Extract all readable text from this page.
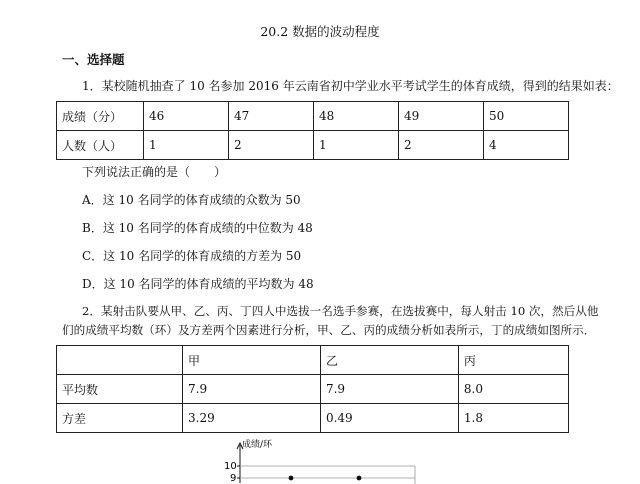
20.2 数据的波动程度
一、选择题
1．某校随机抽查了 10 名参加 2016 年云南省初中学业水平考试学生的体育成绩，得到的结果如表：
成绩（分）	46	47	48	49	50
人数（人）	1	2	1	2	4
下列说法正确的是（　　）
A．这 10 名同学的体育成绩的众数为 50
B．这 10 名同学的体育成绩的中位数为 48
C．这 10 名同学的体育成绩的方差为 50
D．这 10 名同学的体育成绩的平均数为 48
2．某射击队要从甲、乙、丙、丁四人中选拔一名选手参赛，在选拔赛中，每人射击 10 次，然后从他
们的成绩平均数（环）及方差两个因素进行分析，甲、乙、丙的成绩分析如表所示，丁的成绩如图所示．
	甲	乙	丙
平均数	7.9	7.9	8.0
方差	3.29	0.49	1.8
成绩/环
10
9
